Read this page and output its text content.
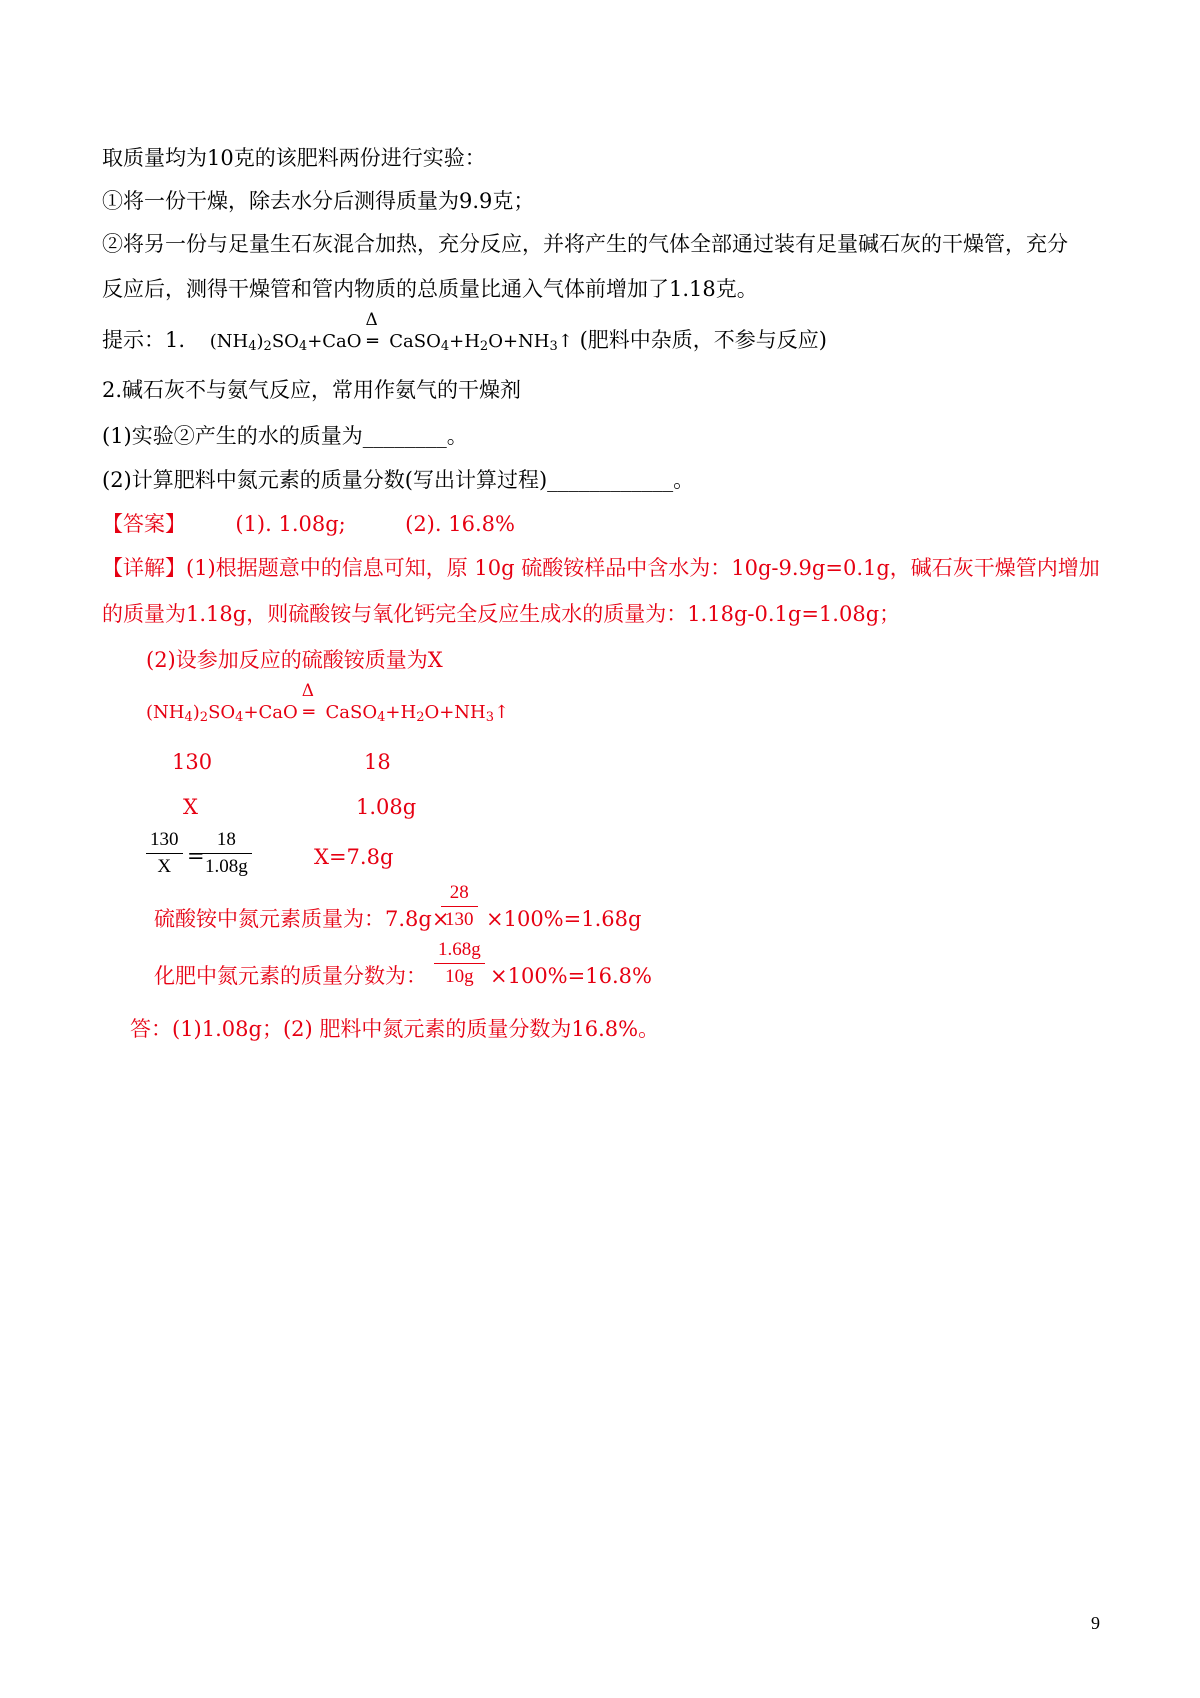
取质量均为10克的该肥料两份进行实验：
①将一份干燥，除去水分后测得质量为9.9克；
②将另一份与足量生石灰混合加热，充分反应，并将产生的气体全部通过装有足量碱石灰的干燥管，充分
反应后，测得干燥管和管内物质的总质量比通入气体前增加了1.18克。
提示：1. $(NH_4)_2SO_4+CaO$
Δ
═ $CaSO_4+H_2O+NH_3↑$ (肥料中杂质，不参与反应)
2.碱石灰不与氨气反应，常用作氨气的干燥剂
(1)实验②产生的水的质量为________。
(2)计算肥料中氮元素的质量分数(写出计算过程)____________。
【答案】 (1). 1.08g;	(2). 16.8%
【详解】(1)根据题意中的信息可知，原 10g 硫酸铵样品中含水为：10g-9.9g=0.1g，碱石灰干燥管内增加
的质量为1.18g，则硫酸铵与氧化钙完全反应生成水的质量为：1.18g-0.1g=1.08g；
(2)设参加反应的硫酸铵质量为X
$(NH_4)_2SO_4+CaO$
Δ
═ $CaSO_4+H_2O+NH_3↑$
130	18
X	1.08g
130
X =
18
1.08g	X=7.8g
硫酸铵中氮元素质量为：7.8g×
28
130 ×100%=1.68g
化肥中氮元素的质量分数为：
1.68g
10g ×100%=16.8%
答：(1)1.08g；(2) 肥料中氮元素的质量分数为16.8%。
9
